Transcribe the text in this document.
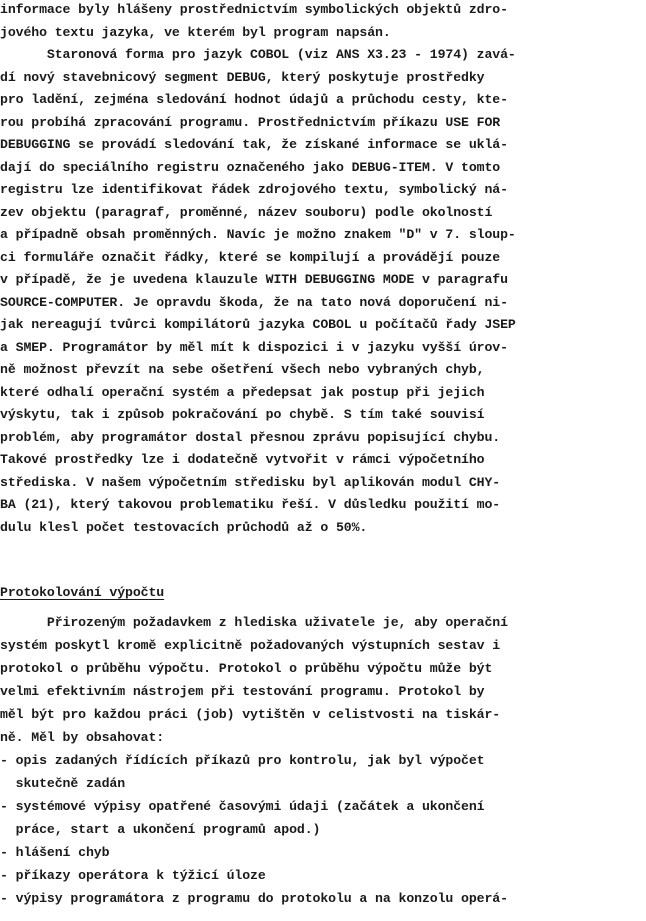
informace byly hlášeny prostřednictvím symbolických objektů zdro-
jového textu jazyka, ve kterém byl program napsán.
Staronová forma pro jazyk COBOL (viz ANS X3.23 - 1974) zavá-
dí nový stavebnicový segment DEBUG, který poskytuje prostředky
pro ladění, zejména sledování hodnot údajů a průchodu cesty, kte-
rou probíhá zpracování programu. Prostřednictvím příkazu USE FOR
DEBUGGING se provádí sledování tak, že získané informace se uklá-
dají do speciálního registru označeného jako DEBUG-ITEM. V tomto
registru lze identifikovat řádek zdrojového textu, symbolický ná-
zev objektu (paragraf, proměnné, název souboru) podle okolností
a případně obsah proměnných. Navíc je možno znakem "D" v 7. sloup-
ci formuláře označit řádky, které se kompilují a provádějí pouze
v případě, že je uvedena klauzule WITH DEBUGGING MODE v paragrafu
SOURCE-COMPUTER. Je opravdu škoda, že na tato nová doporučení ni-
jak nereagují tvůrci kompilátorů jazyka COBOL u počítačů řady JSEP
a SMEP. Programátor by měl mít k dispozici i v jazyku vyšší úrov-
ně možnost převzít na sebe ošetření všech nebo vybraných chyb,
které odhalí operační systém a předepsat jak postup při jejich
výskytu, tak i způsob pokračování po chybě. S tím také souvisí
problém, aby programátor dostal přesnou zprávu popisující chybu.
Takové prostředky lze i dodatečně vytvořit v rámci výpočetního
střediska. V našem výpočetním středisku byl aplikován modul CHY-
BA (21), který takovou problematiku řeší. V důsledku použití mo-
dulu klesl počet testovacích průchodů až o 50%.
Protokolování výpočtu
Přirozeným požadavkem z hlediska uživatele je, aby operační
systém poskytl kromě explicitně požadovaných výstupních sestav i
protokol o průběhu výpočtu. Protokol o průběhu výpočtu může být
velmi efektivním nástrojem při testování programu. Protokol by
měl být pro každou práci (job) vytištěn v celistvosti na tiskár-
ně. Měl by obsahovat:
- opis zadaných řídících příkazů pro kontrolu, jak byl výpočet
skutečně zadán
- systémové výpisy opatřené časovými údaji (začátek a ukončení
práce, start a ukončení programů apod.)
- hlášení chyb
- příkazy operátora k týžicí úloze
- výpisy programátora z programu do protokolu a na konzolu operá-
